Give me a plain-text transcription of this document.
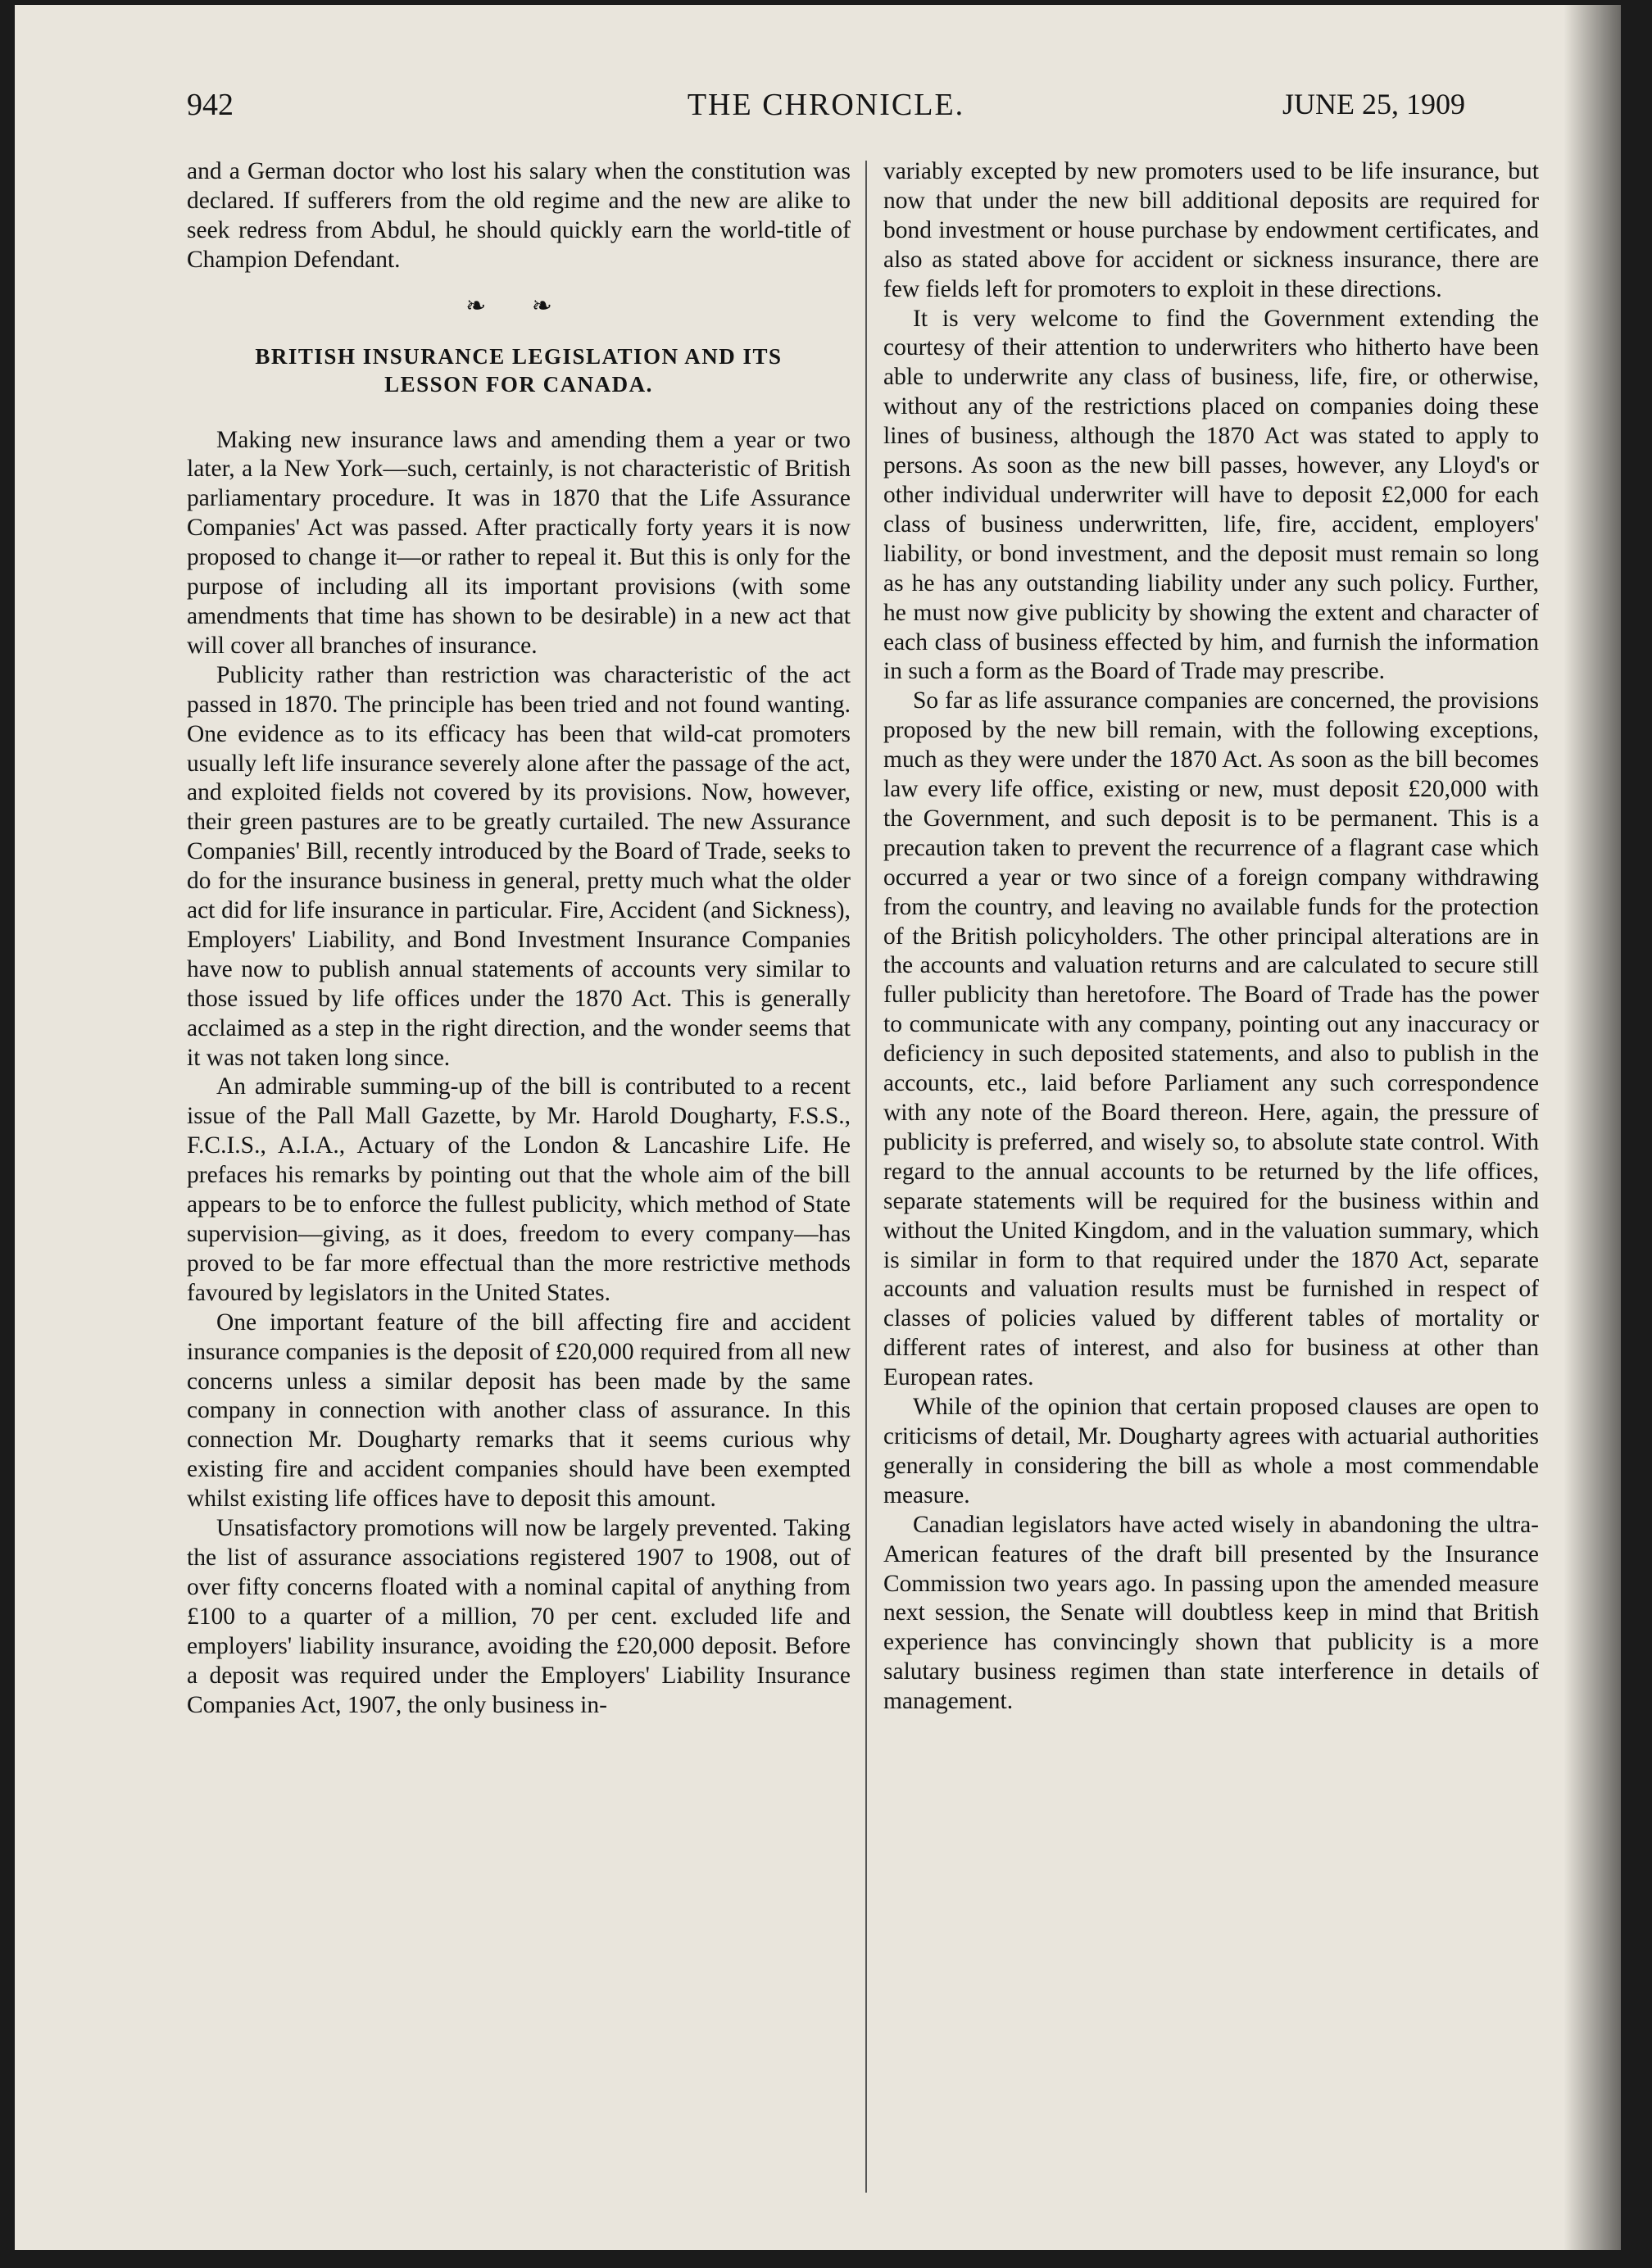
942	THE CHRONICLE.	JUNE 25, 1909

and a German doctor who lost his salary when the constitution was declared. If sufferers from the old regime and the new are alike to seek redress from Abdul, he should quickly earn the world-title of Champion Defendant.

❧ ❧
BRITISH INSURANCE LEGISLATION AND ITS
LESSON FOR CANADA.

Making new insurance laws and amending them a year or two later, a la New York—such, certainly, is not characteristic of British parliamentary procedure. It was in 1870 that the Life Assurance Companies' Act was passed. After practically forty years it is now proposed to change it—or rather to repeal it. But this is only for the purpose of including all its important provisions (with some amendments that time has shown to be desirable) in a new act that will cover all branches of insurance.

Publicity rather than restriction was characteristic of the act passed in 1870. The principle has been tried and not found wanting. One evidence as to its efficacy has been that wild-cat promoters usually left life insurance severely alone after the passage of the act, and exploited fields not covered by its provisions. Now, however, their green pastures are to be greatly curtailed. The new Assurance Companies' Bill, recently introduced by the Board of Trade, seeks to do for the insurance business in general, pretty much what the older act did for life insurance in particular. Fire, Accident (and Sickness), Employers' Liability, and Bond Investment Insurance Companies have now to publish annual statements of accounts very similar to those issued by life offices under the 1870 Act. This is generally acclaimed as a step in the right direction, and the wonder seems that it was not taken long since.

An admirable summing-up of the bill is contributed to a recent issue of the Pall Mall Gazette, by Mr. Harold Dougharty, F.S.S., F.C.I.S., A.I.A., Actuary of the London & Lancashire Life. He prefaces his remarks by pointing out that the whole aim of the bill appears to be to enforce the fullest publicity, which method of State supervision—giving, as it does, freedom to every company—has proved to be far more effectual than the more restrictive methods favoured by legislators in the United States.

One important feature of the bill affecting fire and accident insurance companies is the deposit of £20,000 required from all new concerns unless a similar deposit has been made by the same company in connection with another class of assurance. In this connection Mr. Dougharty remarks that it seems curious why existing fire and accident companies should have been exempted whilst existing life offices have to deposit this amount.

Unsatisfactory promotions will now be largely prevented. Taking the list of assurance associations registered 1907 to 1908, out of over fifty concerns floated with a nominal capital of anything from £100 to a quarter of a million, 70 per cent. excluded life and employers' liability insurance, avoiding the £20,000 deposit. Before a deposit was required under the Employers' Liability Insurance Companies Act, 1907, the only business in-

variably excepted by new promoters used to be life insurance, but now that under the new bill additional deposits are required for bond investment or house purchase by endowment certificates, and also as stated above for accident or sickness insurance, there are few fields left for promoters to exploit in these directions.

It is very welcome to find the Government extending the courtesy of their attention to underwriters who hitherto have been able to underwrite any class of business, life, fire, or otherwise, without any of the restrictions placed on companies doing these lines of business, although the 1870 Act was stated to apply to persons. As soon as the new bill passes, however, any Lloyd's or other individual underwriter will have to deposit £2,000 for each class of business underwritten, life, fire, accident, employers' liability, or bond investment, and the deposit must remain so long as he has any outstanding liability under any such policy. Further, he must now give publicity by showing the extent and character of each class of business effected by him, and furnish the information in such a form as the Board of Trade may prescribe.

So far as life assurance companies are concerned, the provisions proposed by the new bill remain, with the following exceptions, much as they were under the 1870 Act. As soon as the bill becomes law every life office, existing or new, must deposit £20,000 with the Government, and such deposit is to be permanent. This is a precaution taken to prevent the recurrence of a flagrant case which occurred a year or two since of a foreign company withdrawing from the country, and leaving no available funds for the protection of the British policyholders. The other principal alterations are in the accounts and valuation returns and are calculated to secure still fuller publicity than heretofore. The Board of Trade has the power to communicate with any company, pointing out any inaccuracy or deficiency in such deposited statements, and also to publish in the accounts, etc., laid before Parliament any such correspondence with any note of the Board thereon. Here, again, the pressure of publicity is preferred, and wisely so, to absolute state control. With regard to the annual accounts to be returned by the life offices, separate statements will be required for the business within and without the United Kingdom, and in the valuation summary, which is similar in form to that required under the 1870 Act, separate accounts and valuation results must be furnished in respect of classes of policies valued by different tables of mortality or different rates of interest, and also for business at other than European rates.

While of the opinion that certain proposed clauses are open to criticisms of detail, Mr. Dougharty agrees with actuarial authorities generally in considering the bill as whole a most commendable measure.

Canadian legislators have acted wisely in abandoning the ultra-American features of the draft bill presented by the Insurance Commission two years ago. In passing upon the amended measure next session, the Senate will doubtless keep in mind that British experience has convincingly shown that publicity is a more salutary business regimen than state interference in details of management.
